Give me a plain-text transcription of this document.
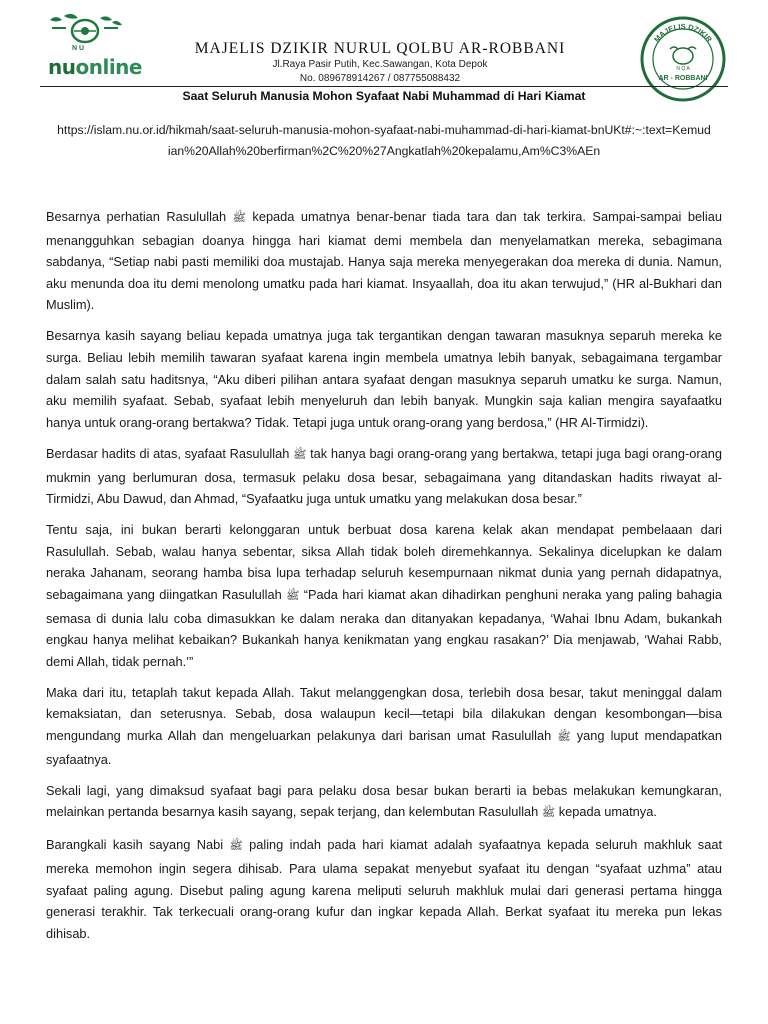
N U
nuonline
MAJELIS DZIKIR NURUL QOLBU AR-ROBBANI
Jl.Raya Pasir Putih, Kec.Sawangan, Kota Depok
No. 089678914267 / 087755088432
MAJELIS DZIKIR
N Q A
AR - ROBBANI
Saat Seluruh Manusia Mohon Syafaat Nabi Muhammad di Hari Kiamat
https://islam.nu.or.id/hikmah/saat-seluruh-manusia-mohon-syafaat-nabi-muhammad-di-hari-kiamat-bnUKt#:~:text=Kemudian%20Allah%20berfirman%2C%20%27Angkatlah%20kepalamu,Am%C3%AEn

Besarnya perhatian Rasulullah ﷺ kepada umatnya benar-benar tiada tara dan tak terkira. Sampai-sampai beliau menangguhkan sebagian doanya hingga hari kiamat demi membela dan menyelamatkan mereka, sebagimana sabdanya, “Setiap nabi pasti memiliki doa mustajab. Hanya saja mereka menyegerakan doa mereka di dunia. Namun, aku menunda doa itu demi menolong umatku pada hari kiamat. Insyaallah, doa itu akan terwujud,” (HR al-Bukhari dan Muslim).

Besarnya kasih sayang beliau kepada umatnya juga tak tergantikan dengan tawaran masuknya separuh mereka ke surga. Beliau lebih memilih tawaran syafaat karena ingin membela umatnya lebih banyak, sebagaimana tergambar dalam salah satu haditsnya, “Aku diberi pilihan antara syafaat dengan masuknya separuh umatku ke surga. Namun, aku memilih syafaat. Sebab, syafaat lebih menyeluruh dan lebih banyak. Mungkin saja kalian mengira sayafaatku hanya untuk orang-orang bertakwa? Tidak. Tetapi juga untuk orang-orang yang berdosa,” (HR Al-Tirmidzi).

Berdasar hadits di atas, syafaat Rasulullah ﷺ tak hanya bagi orang-orang yang bertakwa, tetapi juga bagi orang-orang mukmin yang berlumuran dosa, termasuk pelaku dosa besar, sebagaimana yang ditandaskan hadits riwayat al-Tirmidzi, Abu Dawud, dan Ahmad, “Syafaatku juga untuk umatku yang melakukan dosa besar.”

Tentu saja, ini bukan berarti kelonggaran untuk berbuat dosa karena kelak akan mendapat pembelaaan dari Rasulullah. Sebab, walau hanya sebentar, siksa Allah tidak boleh diremehkannya. Sekalinya dicelupkan ke dalam neraka Jahanam, seorang hamba bisa lupa terhadap seluruh kesempurnaan nikmat dunia yang pernah didapatnya, sebagaimana yang diingatkan Rasulullah ﷺ “Pada hari kiamat akan dihadirkan penghuni neraka yang paling bahagia semasa di dunia lalu coba dimasukkan ke dalam neraka dan ditanyakan kepadanya, ‘Wahai Ibnu Adam, bukankah engkau hanya melihat kebaikan? Bukankah hanya kenikmatan yang engkau rasakan?’ Dia menjawab, ‘Wahai Rabb, demi Allah, tidak pernah.’”

Maka dari itu, tetaplah takut kepada Allah. Takut melanggengkan dosa, terlebih dosa besar, takut meninggal dalam kemaksiatan, dan seterusnya. Sebab, dosa walaupun kecil—tetapi bila dilakukan dengan kesombongan—bisa mengundang murka Allah dan mengeluarkan pelakunya dari barisan umat Rasulullah ﷺ yang luput mendapatkan syafaatnya.

Sekali lagi, yang dimaksud syafaat bagi para pelaku dosa besar bukan berarti ia bebas melakukan kemungkaran, melainkan pertanda besarnya kasih sayang, sepak terjang, dan kelembutan Rasulullah ﷺ kepada umatnya.

Barangkali kasih sayang Nabi ﷺ paling indah pada hari kiamat adalah syafaatnya kepada seluruh makhluk saat mereka memohon ingin segera dihisab. Para ulama sepakat menyebut syafaat itu dengan “syafaat uzhma” atau syafaat paling agung. Disebut paling agung karena meliputi seluruh makhluk mulai dari generasi pertama hingga generasi terakhir. Tak terkecuali orang-orang kufur dan ingkar kepada Allah. Berkat syafaat itu mereka pun lekas dihisab.
